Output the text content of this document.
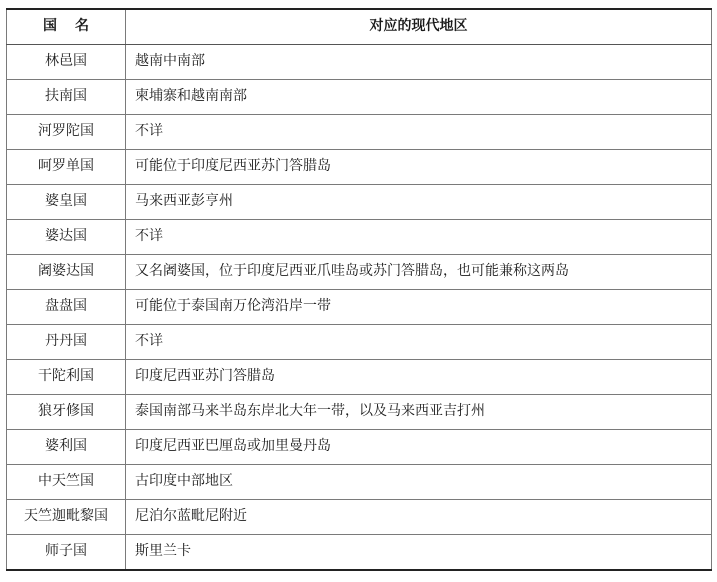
国名	对应的现代地区
林邑国	越南中南部
扶南国	柬埔寨和越南南部
河罗陀国	不详
呵罗单国	可能位于印度尼西亚苏门答腊岛
婆皇国	马来西亚彭亨州
婆达国	不详
阇婆达国	又名阇婆国，位于印度尼西亚爪哇岛或苏门答腊岛，也可能兼称这两岛
盘盘国	可能位于泰国南万伦湾沿岸一带
丹丹国	不详
干陀利国	印度尼西亚苏门答腊岛
狼牙修国	泰国南部马来半岛东岸北大年一带，以及马来西亚吉打州
婆利国	印度尼西亚巴厘岛或加里曼丹岛
中天竺国	古印度中部地区
天竺迦毗黎国	尼泊尔蓝毗尼附近
师子国	斯里兰卡
